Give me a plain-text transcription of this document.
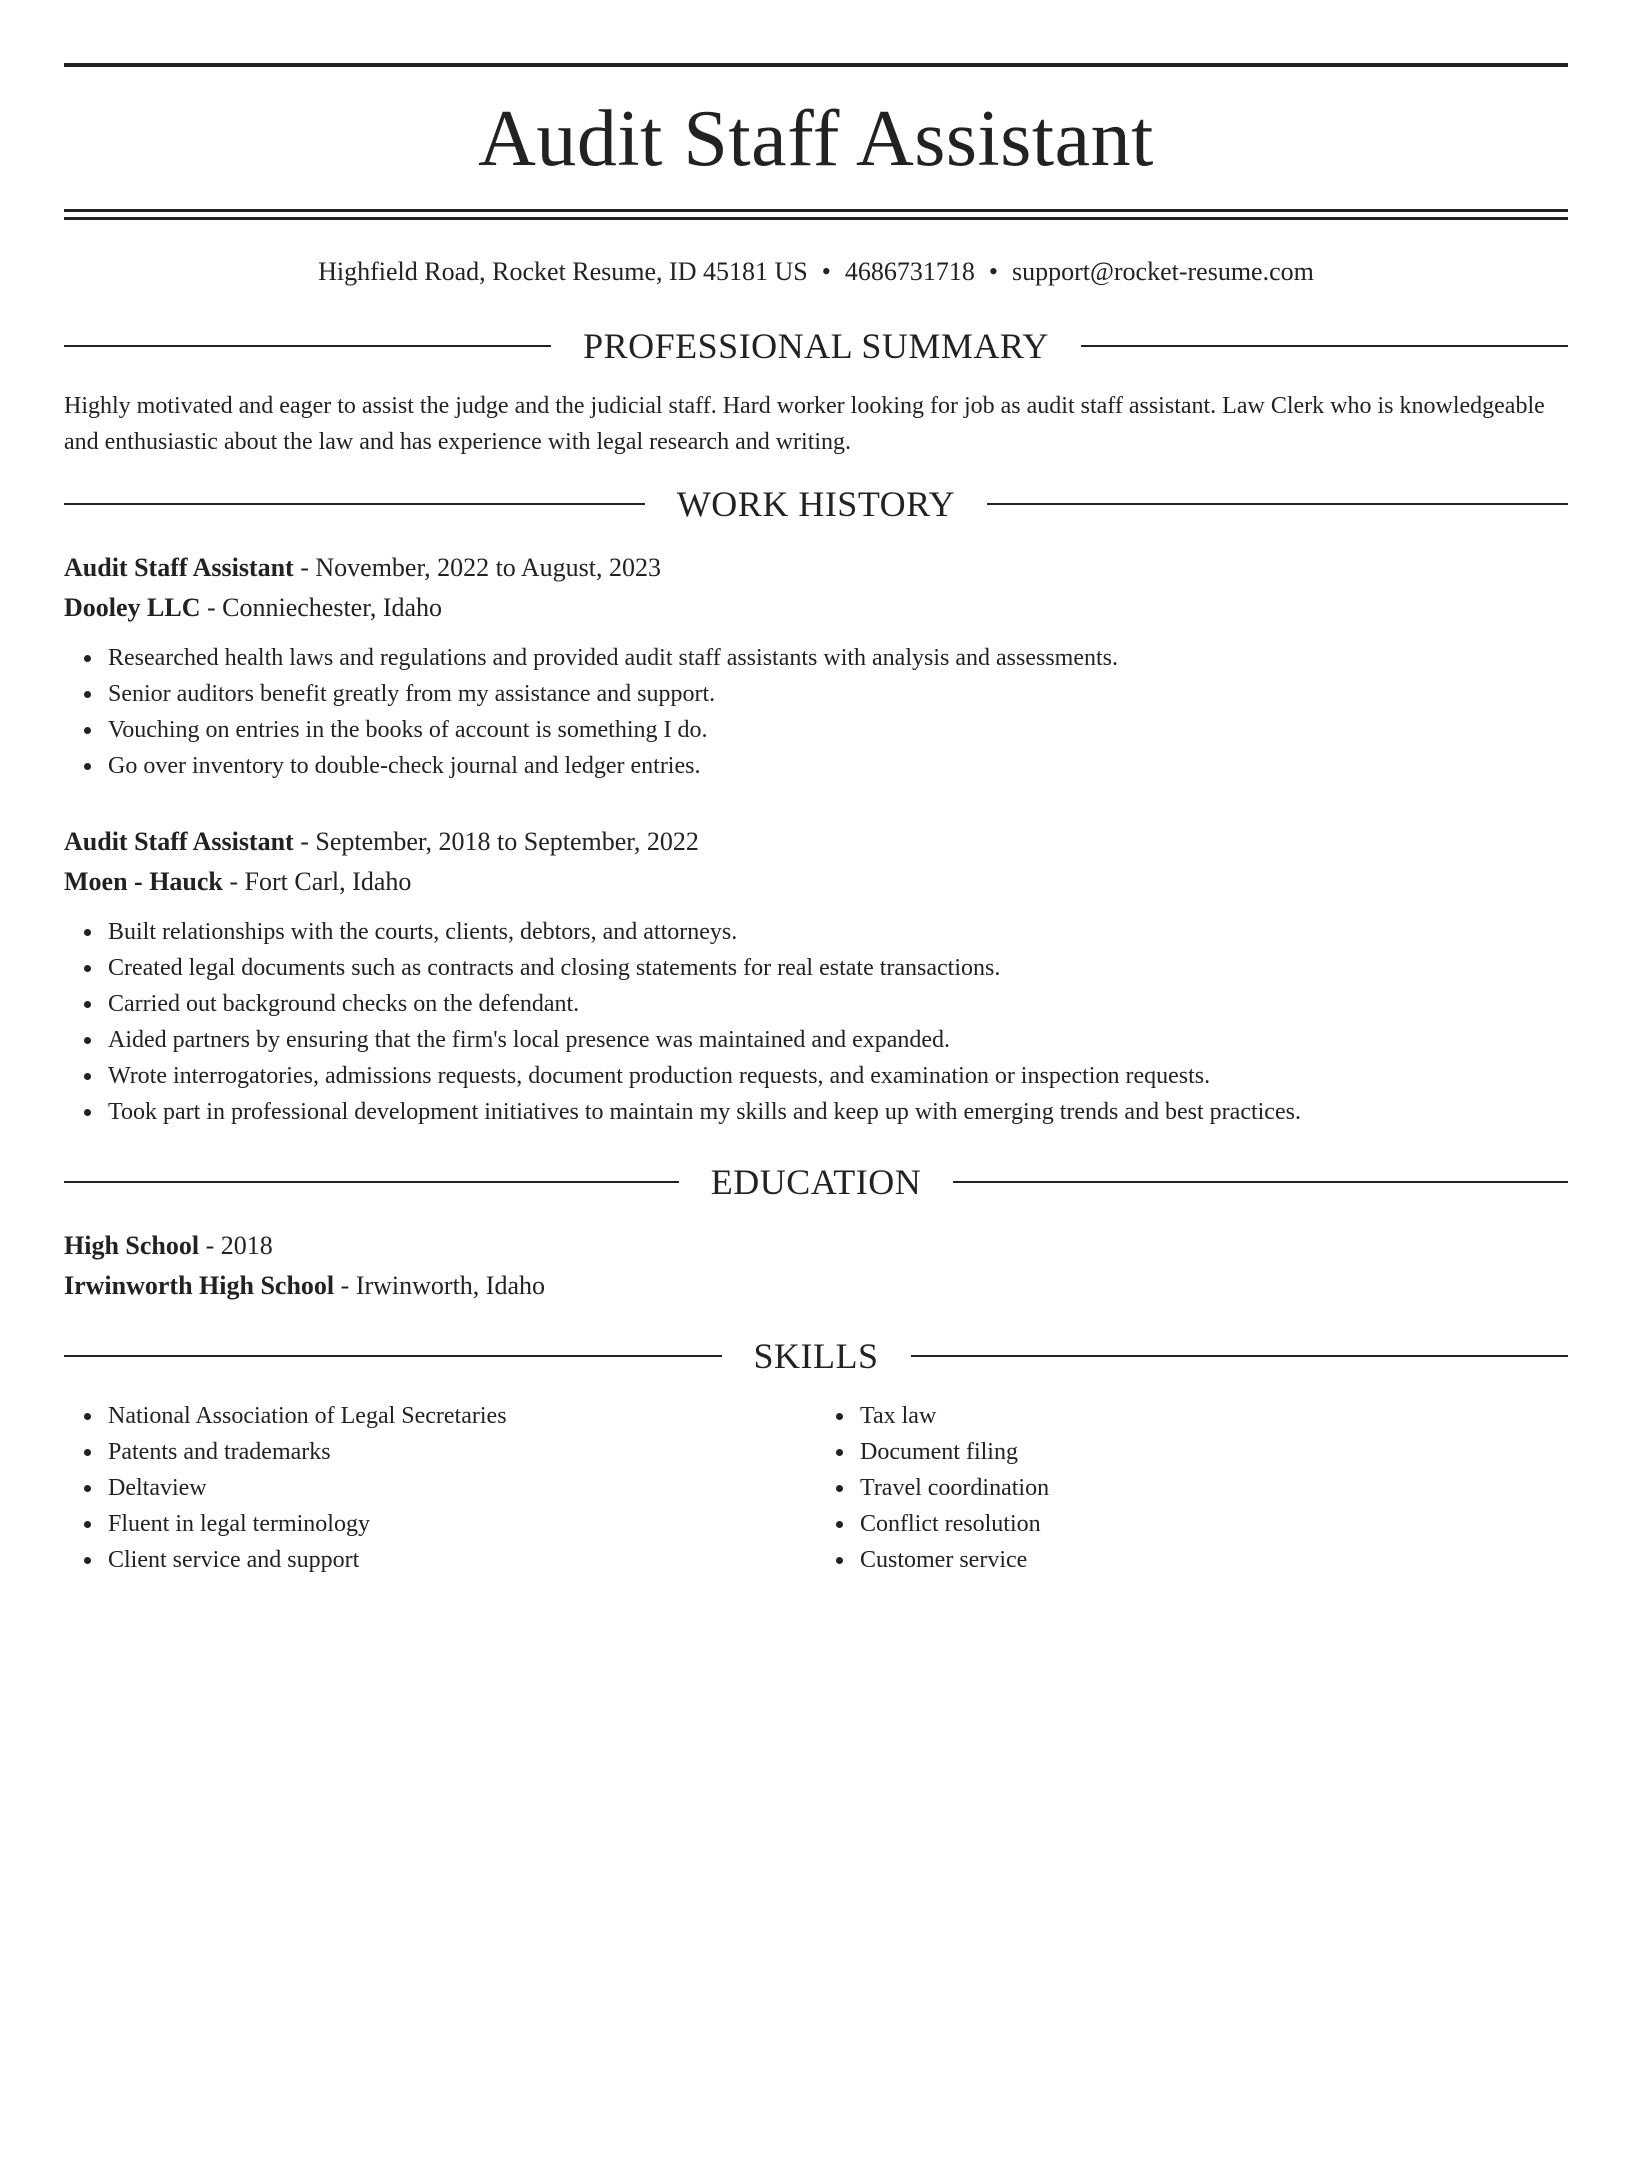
Audit Staff Assistant
Highfield Road, Rocket Resume, ID 45181 US • 4686731718 • support@rocket-resume.com
PROFESSIONAL SUMMARY
Highly motivated and eager to assist the judge and the judicial staff. Hard worker looking for job as audit staff assistant. Law Clerk who is knowledgeable and enthusiastic about the law and has experience with legal research and writing.
WORK HISTORY
Audit Staff Assistant - November, 2022 to August, 2023
Dooley LLC - Conniechester, Idaho
Researched health laws and regulations and provided audit staff assistants with analysis and assessments.
Senior auditors benefit greatly from my assistance and support.
Vouching on entries in the books of account is something I do.
Go over inventory to double-check journal and ledger entries.
Audit Staff Assistant - September, 2018 to September, 2022
Moen - Hauck - Fort Carl, Idaho
Built relationships with the courts, clients, debtors, and attorneys.
Created legal documents such as contracts and closing statements for real estate transactions.
Carried out background checks on the defendant.
Aided partners by ensuring that the firm's local presence was maintained and expanded.
Wrote interrogatories, admissions requests, document production requests, and examination or inspection requests.
Took part in professional development initiatives to maintain my skills and keep up with emerging trends and best practices.
EDUCATION
High School - 2018
Irwinworth High School - Irwinworth, Idaho
SKILLS
National Association of Legal Secretaries
Patents and trademarks
Deltaview
Fluent in legal terminology
Client service and support
Tax law
Document filing
Travel coordination
Conflict resolution
Customer service
